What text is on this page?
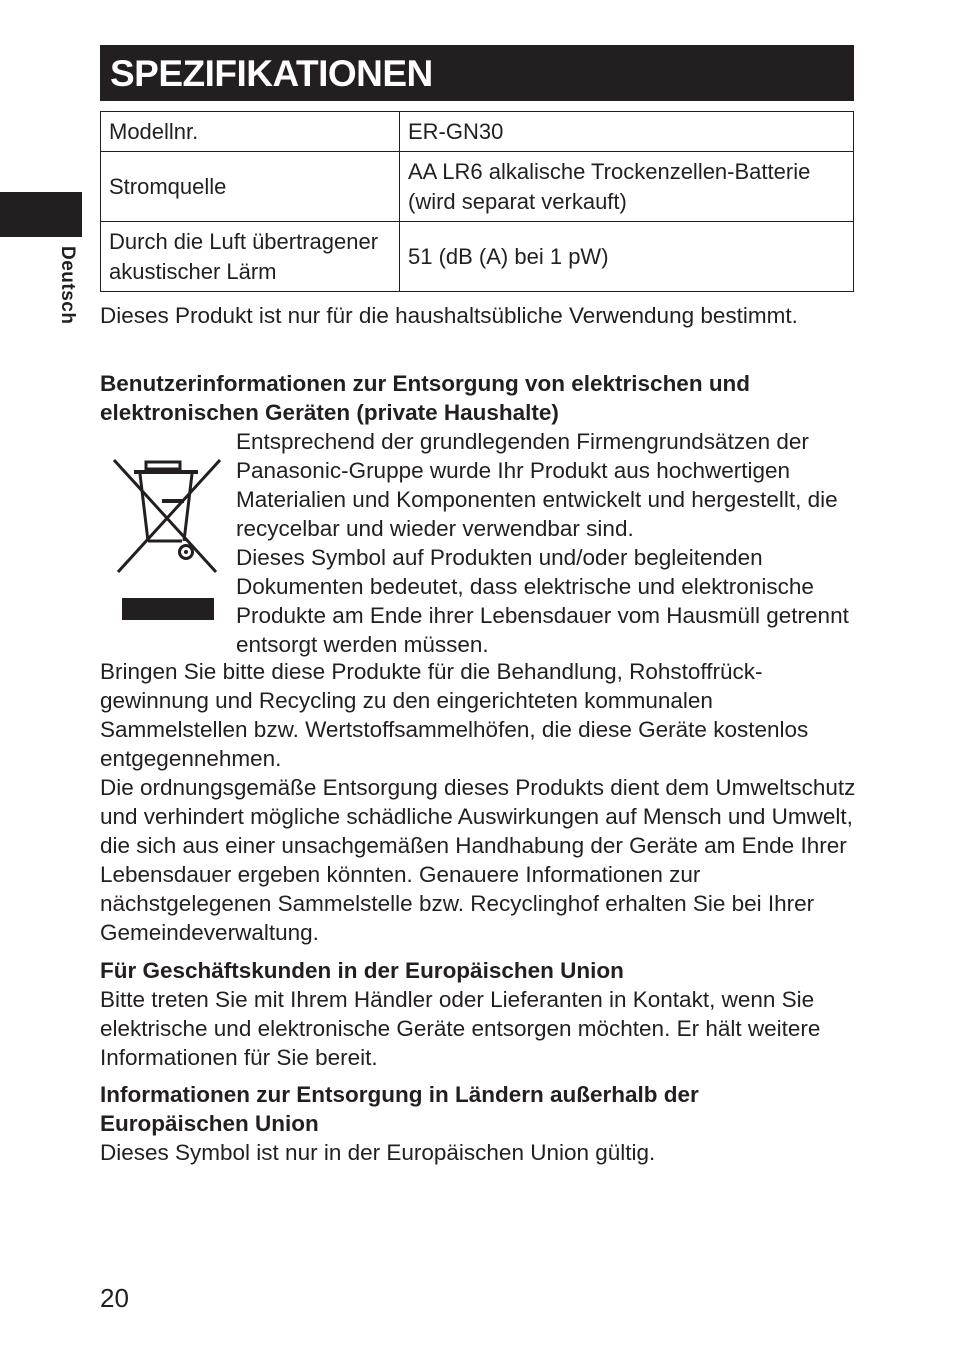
Deutsch
SPEZIFIKATIONEN
Modellnr.	ER-GN30
Stromquelle	AA LR6 alkalische Trockenzellen-Batterie (wird separat verkauft)
Durch die Luft übertragener akustischer Lärm	51 (dB (A) bei 1 pW)

Dieses Produkt ist nur für die haushaltsübliche Verwendung bestimmt.

Benutzerinformationen zur Entsorgung von elektrischen und elektronischen Geräten (private Haushalte)

Entsprechend der grundlegenden Firmengrundsätzen der Panasonic-Gruppe wurde Ihr Produkt aus hochwertigen Materialien und Komponenten entwickelt und hergestellt, die recycelbar und wieder verwendbar sind.

Dieses Symbol auf Produkten und/oder begleitenden Dokumenten bedeutet, dass elektrische und elektronische Produkte am Ende ihrer Lebensdauer vom Hausmüll getrennt entsorgt werden müssen.

Bringen Sie bitte diese Produkte für die Behandlung, Rohstoffrück-gewinnung und Recycling zu den eingerichteten kommunalen Sammelstellen bzw. Wertstoffsammelhöfen, die diese Geräte kostenlos entgegennehmen.

Die ordnungsgemäße Entsorgung dieses Produkts dient dem Umweltschutz und verhindert mögliche schädliche Auswirkungen auf Mensch und Umwelt, die sich aus einer unsachgemäßen Handhabung der Geräte am Ende Ihrer Lebensdauer ergeben könnten. Genauere Informationen zur nächstgelegenen Sammelstelle bzw. Recyclinghof erhalten Sie bei Ihrer Gemeindeverwaltung.

Für Geschäftskunden in der Europäischen Union

Bitte treten Sie mit Ihrem Händler oder Lieferanten in Kontakt, wenn Sie elektrische und elektronische Geräte entsorgen möchten. Er hält weitere Informationen für Sie bereit.

Informationen zur Entsorgung in Ländern außerhalb der Europäischen Union

Dieses Symbol ist nur in der Europäischen Union gültig.

20
